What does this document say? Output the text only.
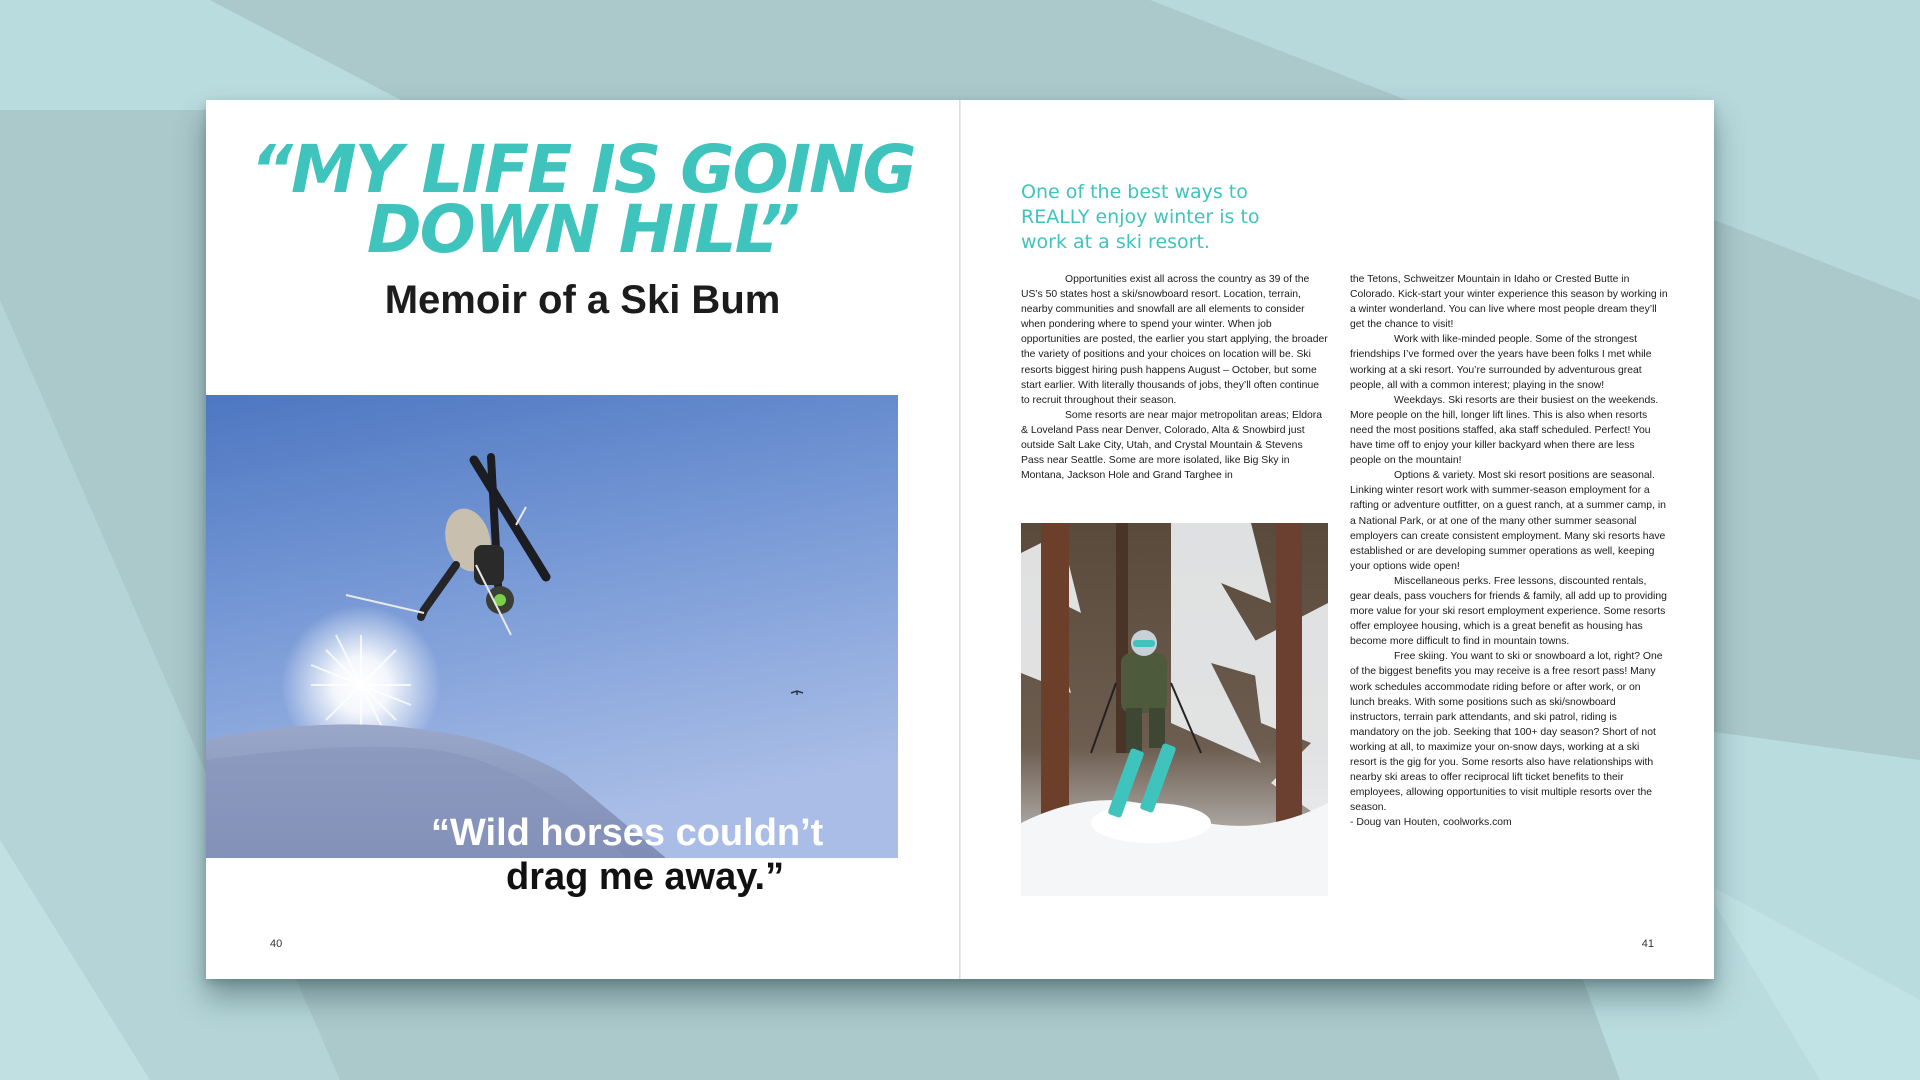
“MY LIFE IS GOING
DOWN HILL”
Memoir of a Ski Bum

“Wild horses couldn’t
drag me away.”

40

One of the best ways to
REALLY enjoy winter is to
work at a ski resort.

Opportunities exist all across the country as 39 of the US’s 50 states host a ski/snowboard resort. Location, terrain, nearby communities and snowfall are all elements to consider when pondering where to spend your winter. When job opportunities are posted, the earlier you start applying, the broader the variety of positions and your choices on location will be. Ski resorts biggest hiring push happens August – October, but some start earlier. With literally thousands of jobs, they’ll often continue to recruit throughout their season.

Some resorts are near major metropolitan areas; Eldora & Loveland Pass near Denver, Colorado, Alta & Snowbird just outside Salt Lake City, Utah, and Crystal Mountain & Stevens Pass near Seattle. Some are more isolated, like Big Sky in Montana, Jackson Hole and Grand Targhee in

the Tetons, Schweitzer Mountain in Idaho or Crested Butte in Colorado. Kick-start your winter experience this season by working in a winter wonderland. You can live where most people dream they’ll get the chance to visit!

Work with like-minded people. Some of the strongest friendships I’ve formed over the years have been folks I met while working at a ski resort. You’re surrounded by adventurous great people, all with a common interest; playing in the snow!

Weekdays. Ski resorts are their busiest on the weekends. More people on the hill, longer lift lines. This is also when resorts need the most positions staffed, aka staff scheduled. Perfect! You have time off to enjoy your killer backyard when there are less people on the mountain!

Options & variety. Most ski resort positions are seasonal. Linking winter resort work with summer-season employment for a rafting or adventure outfitter, on a guest ranch, at a summer camp, in a National Park, or at one of the many other summer seasonal employers can create consistent employment. Many ski resorts have established or are developing summer operations as well, keeping your options wide open!

Miscellaneous perks. Free lessons, discounted rentals, gear deals, pass vouchers for friends & family, all add up to providing more value for your ski resort employment experience. Some resorts offer employee housing, which is a great benefit as housing has become more difficult to find in mountain towns.

Free skiing. You want to ski or snowboard a lot, right? One of the biggest benefits you may receive is a free resort pass! Many work schedules accommodate riding before or after work, or on lunch breaks. With some positions such as ski/snowboard instructors, terrain park attendants, and ski patrol, riding is mandatory on the job. Seeking that 100+ day season? Short of not working at all, to maximize your on-snow days, working at a ski resort is the gig for you. Some resorts also have relationships with nearby ski areas to offer reciprocal lift ticket benefits to their employees, allowing opportunities to visit multiple resorts over the season.

- Doug van Houten, coolworks.com

41
